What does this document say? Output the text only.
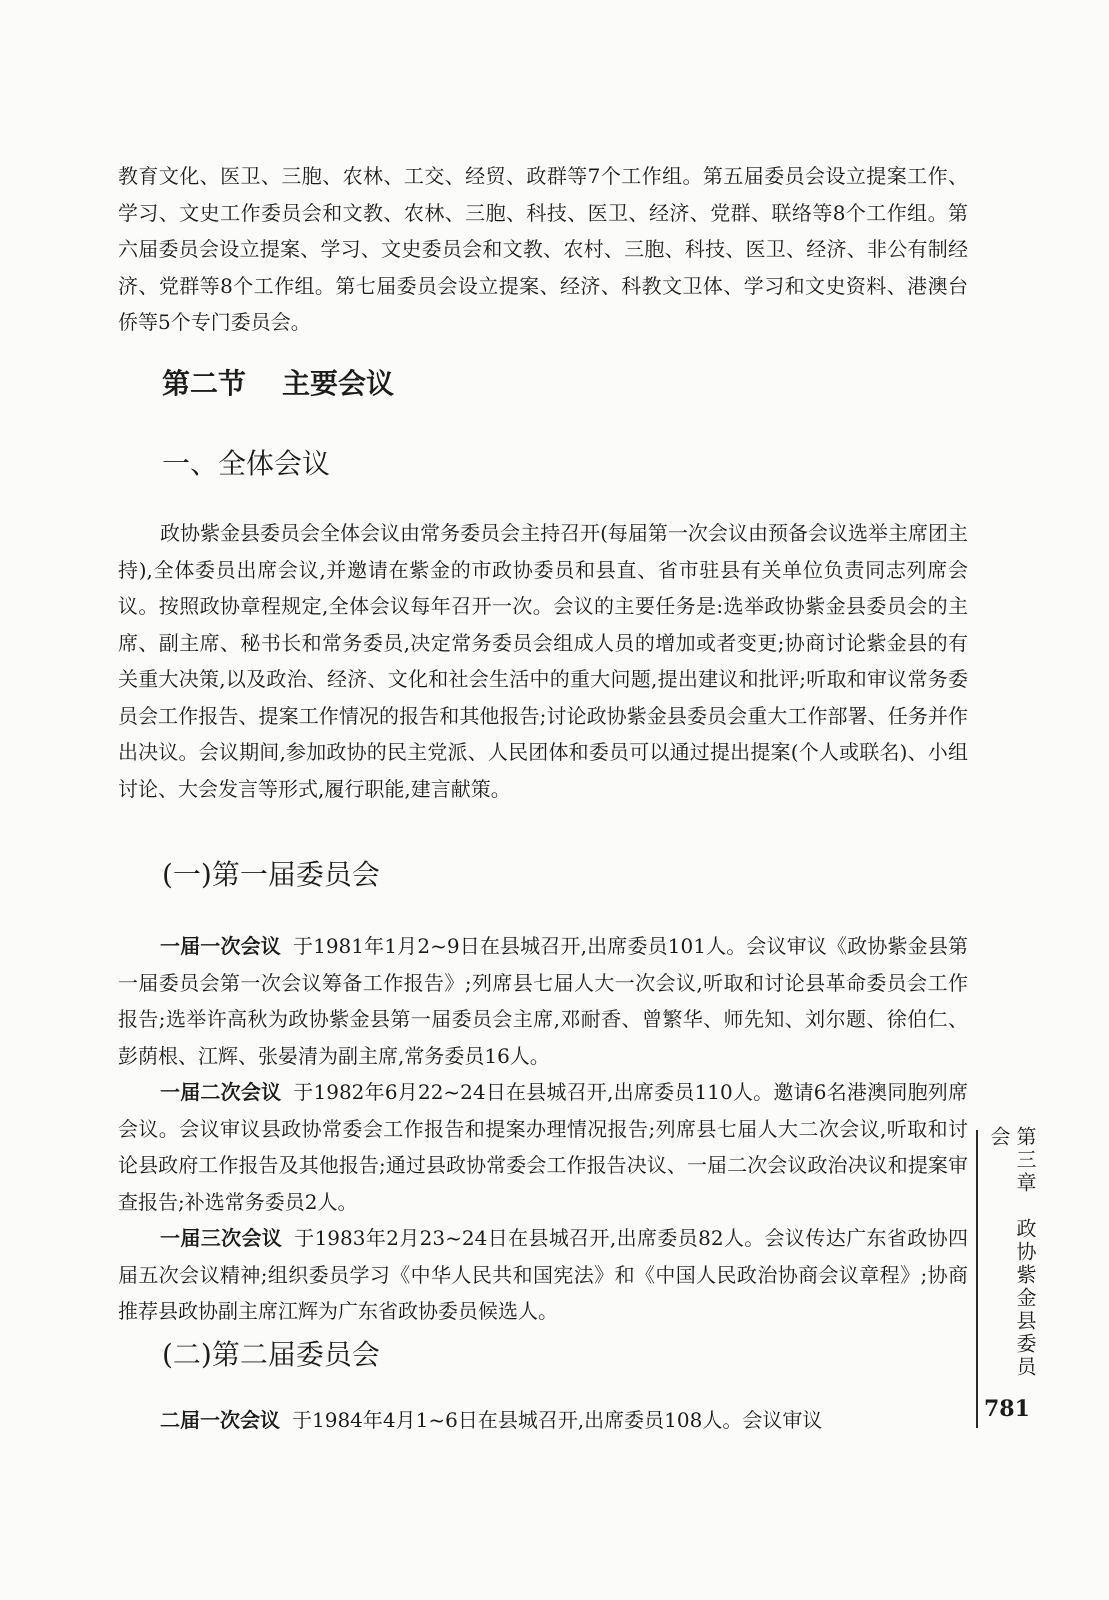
教育文化、医卫、三胞、农林、工交、经贸、政群等7个工作组。第五届委员会设立提案工作、学习、文史工作委员会和文教、农林、三胞、科技、医卫、经济、党群、联络等8个工作组。第六届委员会设立提案、学习、文史委员会和文教、农村、三胞、科技、医卫、经济、非公有制经济、党群等8个工作组。第七届委员会设立提案、经济、科教文卫体、学习和文史资料、港澳台侨等5个专门委员会。

第二节 主要会议
一、全体会议

政协紫金县委员会全体会议由常务委员会主持召开(每届第一次会议由预备会议选举主席团主持),全体委员出席会议,并邀请在紫金的市政协委员和县直、省市驻县有关单位负责同志列席会议。按照政协章程规定,全体会议每年召开一次。会议的主要任务是:选举政协紫金县委员会的主席、副主席、秘书长和常务委员,决定常务委员会组成人员的增加或者变更;协商讨论紫金县的有关重大决策,以及政治、经济、文化和社会生活中的重大问题,提出建议和批评;听取和审议常务委员会工作报告、提案工作情况的报告和其他报告;讨论政协紫金县委员会重大工作部署、任务并作出决议。会议期间,参加政协的民主党派、人民团体和委员可以通过提出提案(个人或联名)、小组讨论、大会发言等形式,履行职能,建言献策。

(一)第一届委员会

一届一次会议 于1981年1月2~9日在县城召开,出席委员101人。会议审议《政协紫金县第一届委员会第一次会议筹备工作报告》;列席县七届人大一次会议,听取和讨论县革命委员会工作报告;选举许高秋为政协紫金县第一届委员会主席,邓耐香、曾繁华、师先知、刘尔题、徐伯仁、彭荫根、江辉、张晏清为副主席,常务委员16人。

一届二次会议 于1982年6月22~24日在县城召开,出席委员110人。邀请6名港澳同胞列席会议。会议审议县政协常委会工作报告和提案办理情况报告;列席县七届人大二次会议,听取和讨论县政府工作报告及其他报告;通过县政协常委会工作报告决议、一届二次会议政治决议和提案审查报告;补选常务委员2人。

一届三次会议 于1983年2月23~24日在县城召开,出席委员82人。会议传达广东省政协四届五次会议精神;组织委员学习《中华人民共和国宪法》和《中国人民政治协商会议章程》;协商推荐县政协副主席江辉为广东省政协委员候选人。

(二)第二届委员会

二届一次会议 于1984年4月1~6日在县城召开,出席委员108人。会议审议

第三章　政协紫金县委员会
781
